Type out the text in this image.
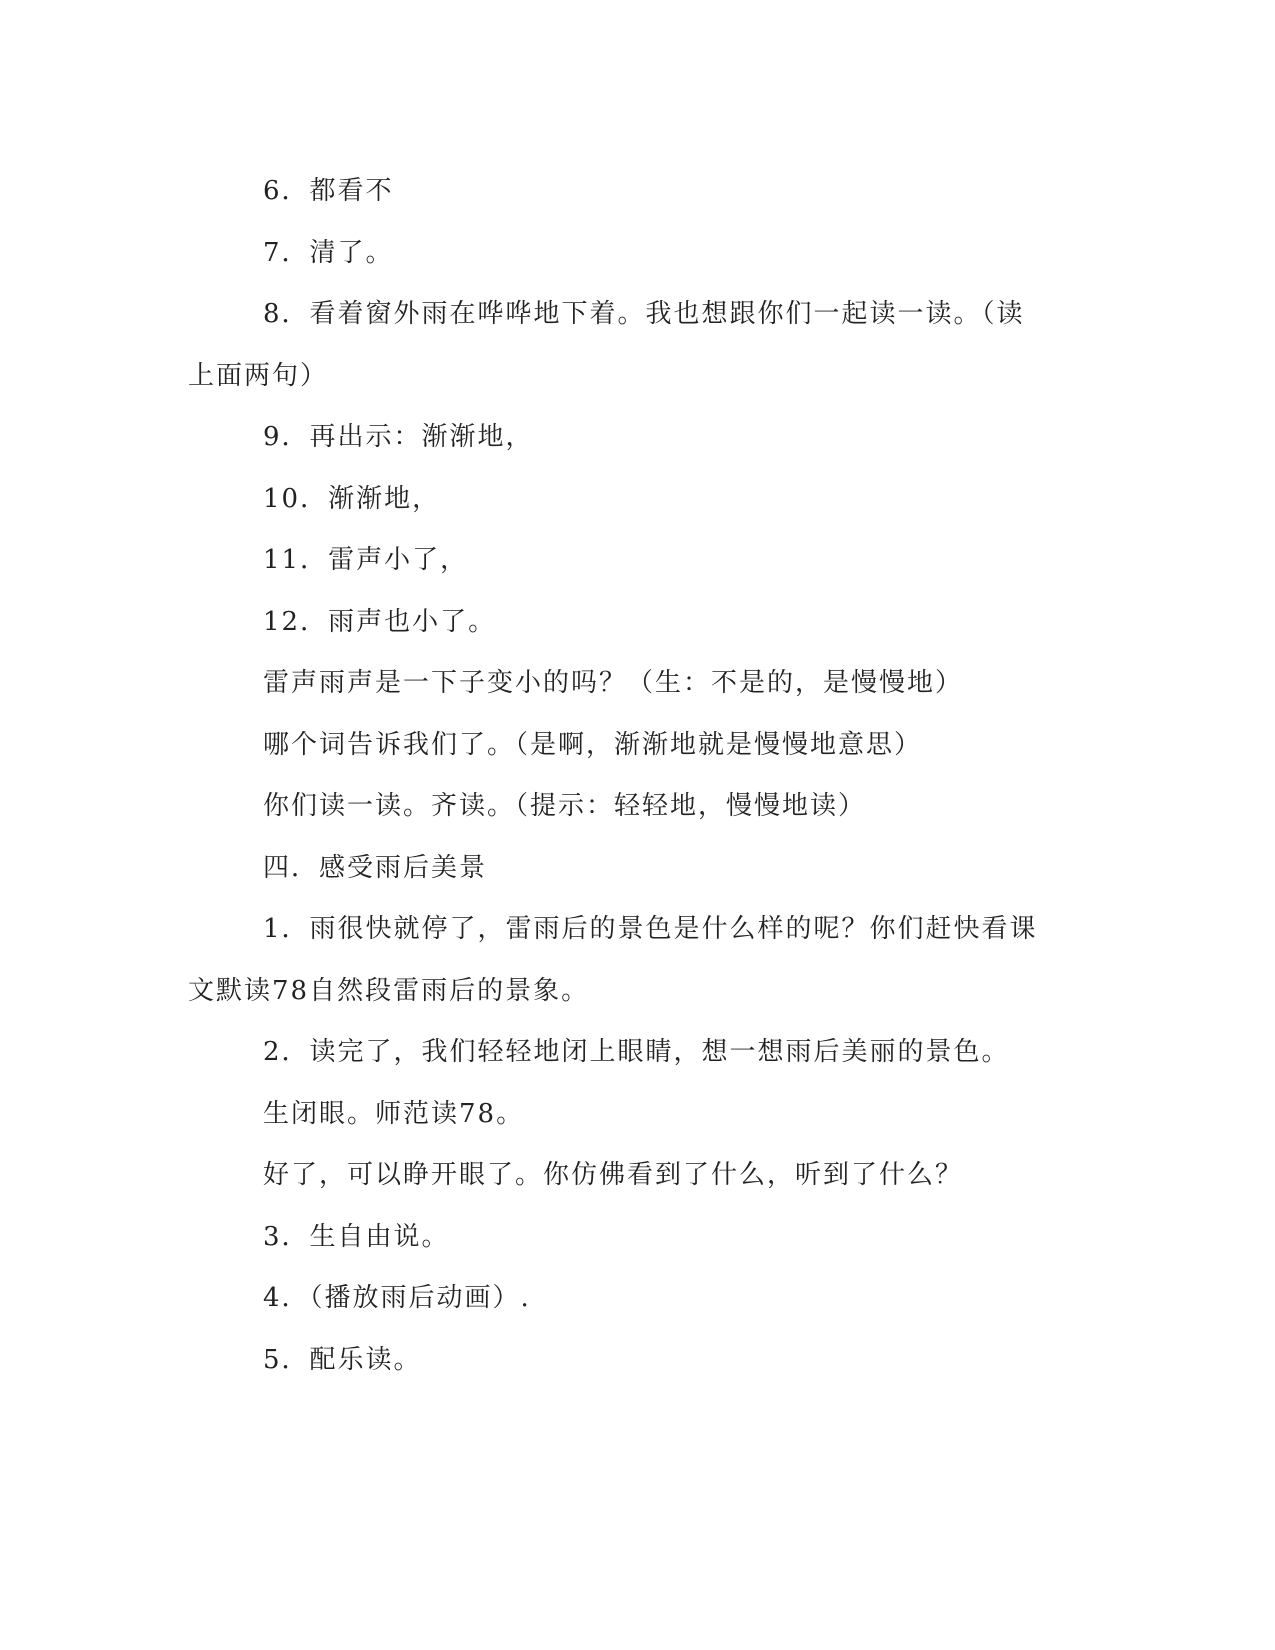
6．都看不

7．清了。

8．看着窗外雨在哗哗地下着。我也想跟你们一起读一读。（读

上面两句）

9．再出示：渐渐地，

10．渐渐地，

11．雷声小了，

12．雨声也小了。

雷声雨声是一下子变小的吗？（生：不是的，是慢慢地）

哪个词告诉我们了。（是啊，渐渐地就是慢慢地意思）

你们读一读。齐读。（提示：轻轻地，慢慢地读）

四．感受雨后美景

1．雨很快就停了，雷雨后的景色是什么样的呢？你们赶快看课

文默读78自然段雷雨后的景象。

2．读完了，我们轻轻地闭上眼睛，想一想雨后美丽的景色。

生闭眼。师范读78。

好了，可以睁开眼了。你仿佛看到了什么，听到了什么？

3．生自由说。

4．（播放雨后动画）.

5．配乐读。
